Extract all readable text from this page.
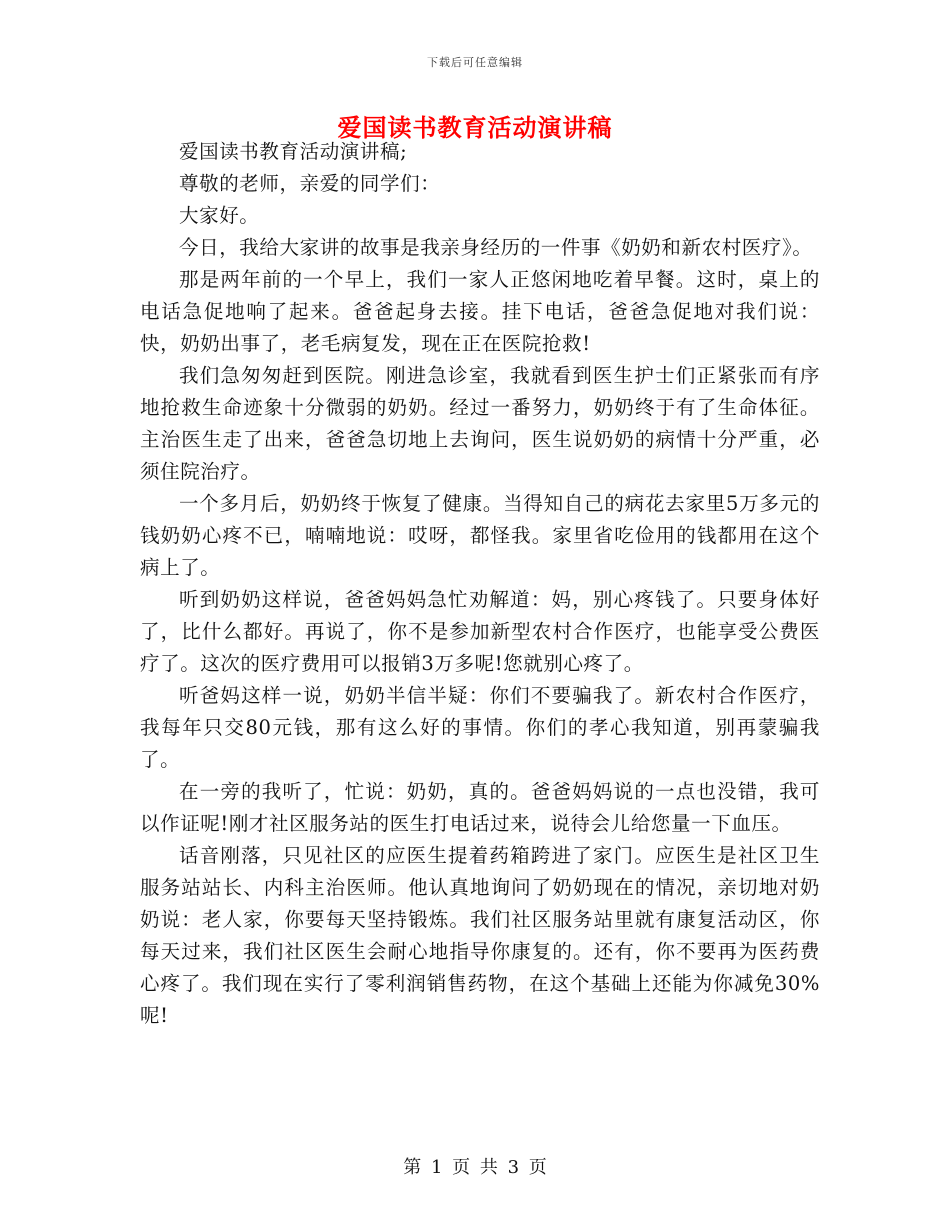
下载后可任意编辑
爱国读书教育活动演讲稿

爱国读书教育活动演讲稿;

尊敬的老师，亲爱的同学们：

大家好。

今日，我给大家讲的故事是我亲身经历的一件事《奶奶和新农村医疗》。

那是两年前的一个早上，我们一家人正悠闲地吃着早餐。这时，桌上的电话急促地响了起来。爸爸起身去接。挂下电话，爸爸急促地对我们说：快，奶奶出事了，老毛病复发，现在正在医院抢救!

我们急匆匆赶到医院。刚进急诊室，我就看到医生护士们正紧张而有序地抢救生命迹象十分微弱的奶奶。经过一番努力，奶奶终于有了生命体征。主治医生走了出来，爸爸急切地上去询问，医生说奶奶的病情十分严重，必须住院治疗。

一个多月后，奶奶终于恢复了健康。当得知自己的病花去家里5万多元的钱奶奶心疼不已，喃喃地说：哎呀，都怪我。家里省吃俭用的钱都用在这个病上了。

听到奶奶这样说，爸爸妈妈急忙劝解道：妈，别心疼钱了。只要身体好了，比什么都好。再说了，你不是参加新型农村合作医疗，也能享受公费医疗了。这次的医疗费用可以报销3万多呢!您就别心疼了。

听爸妈这样一说，奶奶半信半疑：你们不要骗我了。新农村合作医疗，我每年只交80元钱，那有这么好的事情。你们的孝心我知道，别再蒙骗我了。

在一旁的我听了，忙说：奶奶，真的。爸爸妈妈说的一点也没错，我可以作证呢!刚才社区服务站的医生打电话过来，说待会儿给您量一下血压。

话音刚落，只见社区的应医生提着药箱跨进了家门。应医生是社区卫生服务站站长、内科主治医师。他认真地询问了奶奶现在的情况，亲切地对奶奶说：老人家，你要每天坚持锻炼。我们社区服务站里就有康复活动区，你每天过来，我们社区医生会耐心地指导你康复的。还有，你不要再为医药费心疼了。我们现在实行了零利润销售药物，在这个基础上还能为你减免30%呢!

第 1 页 共 3 页
